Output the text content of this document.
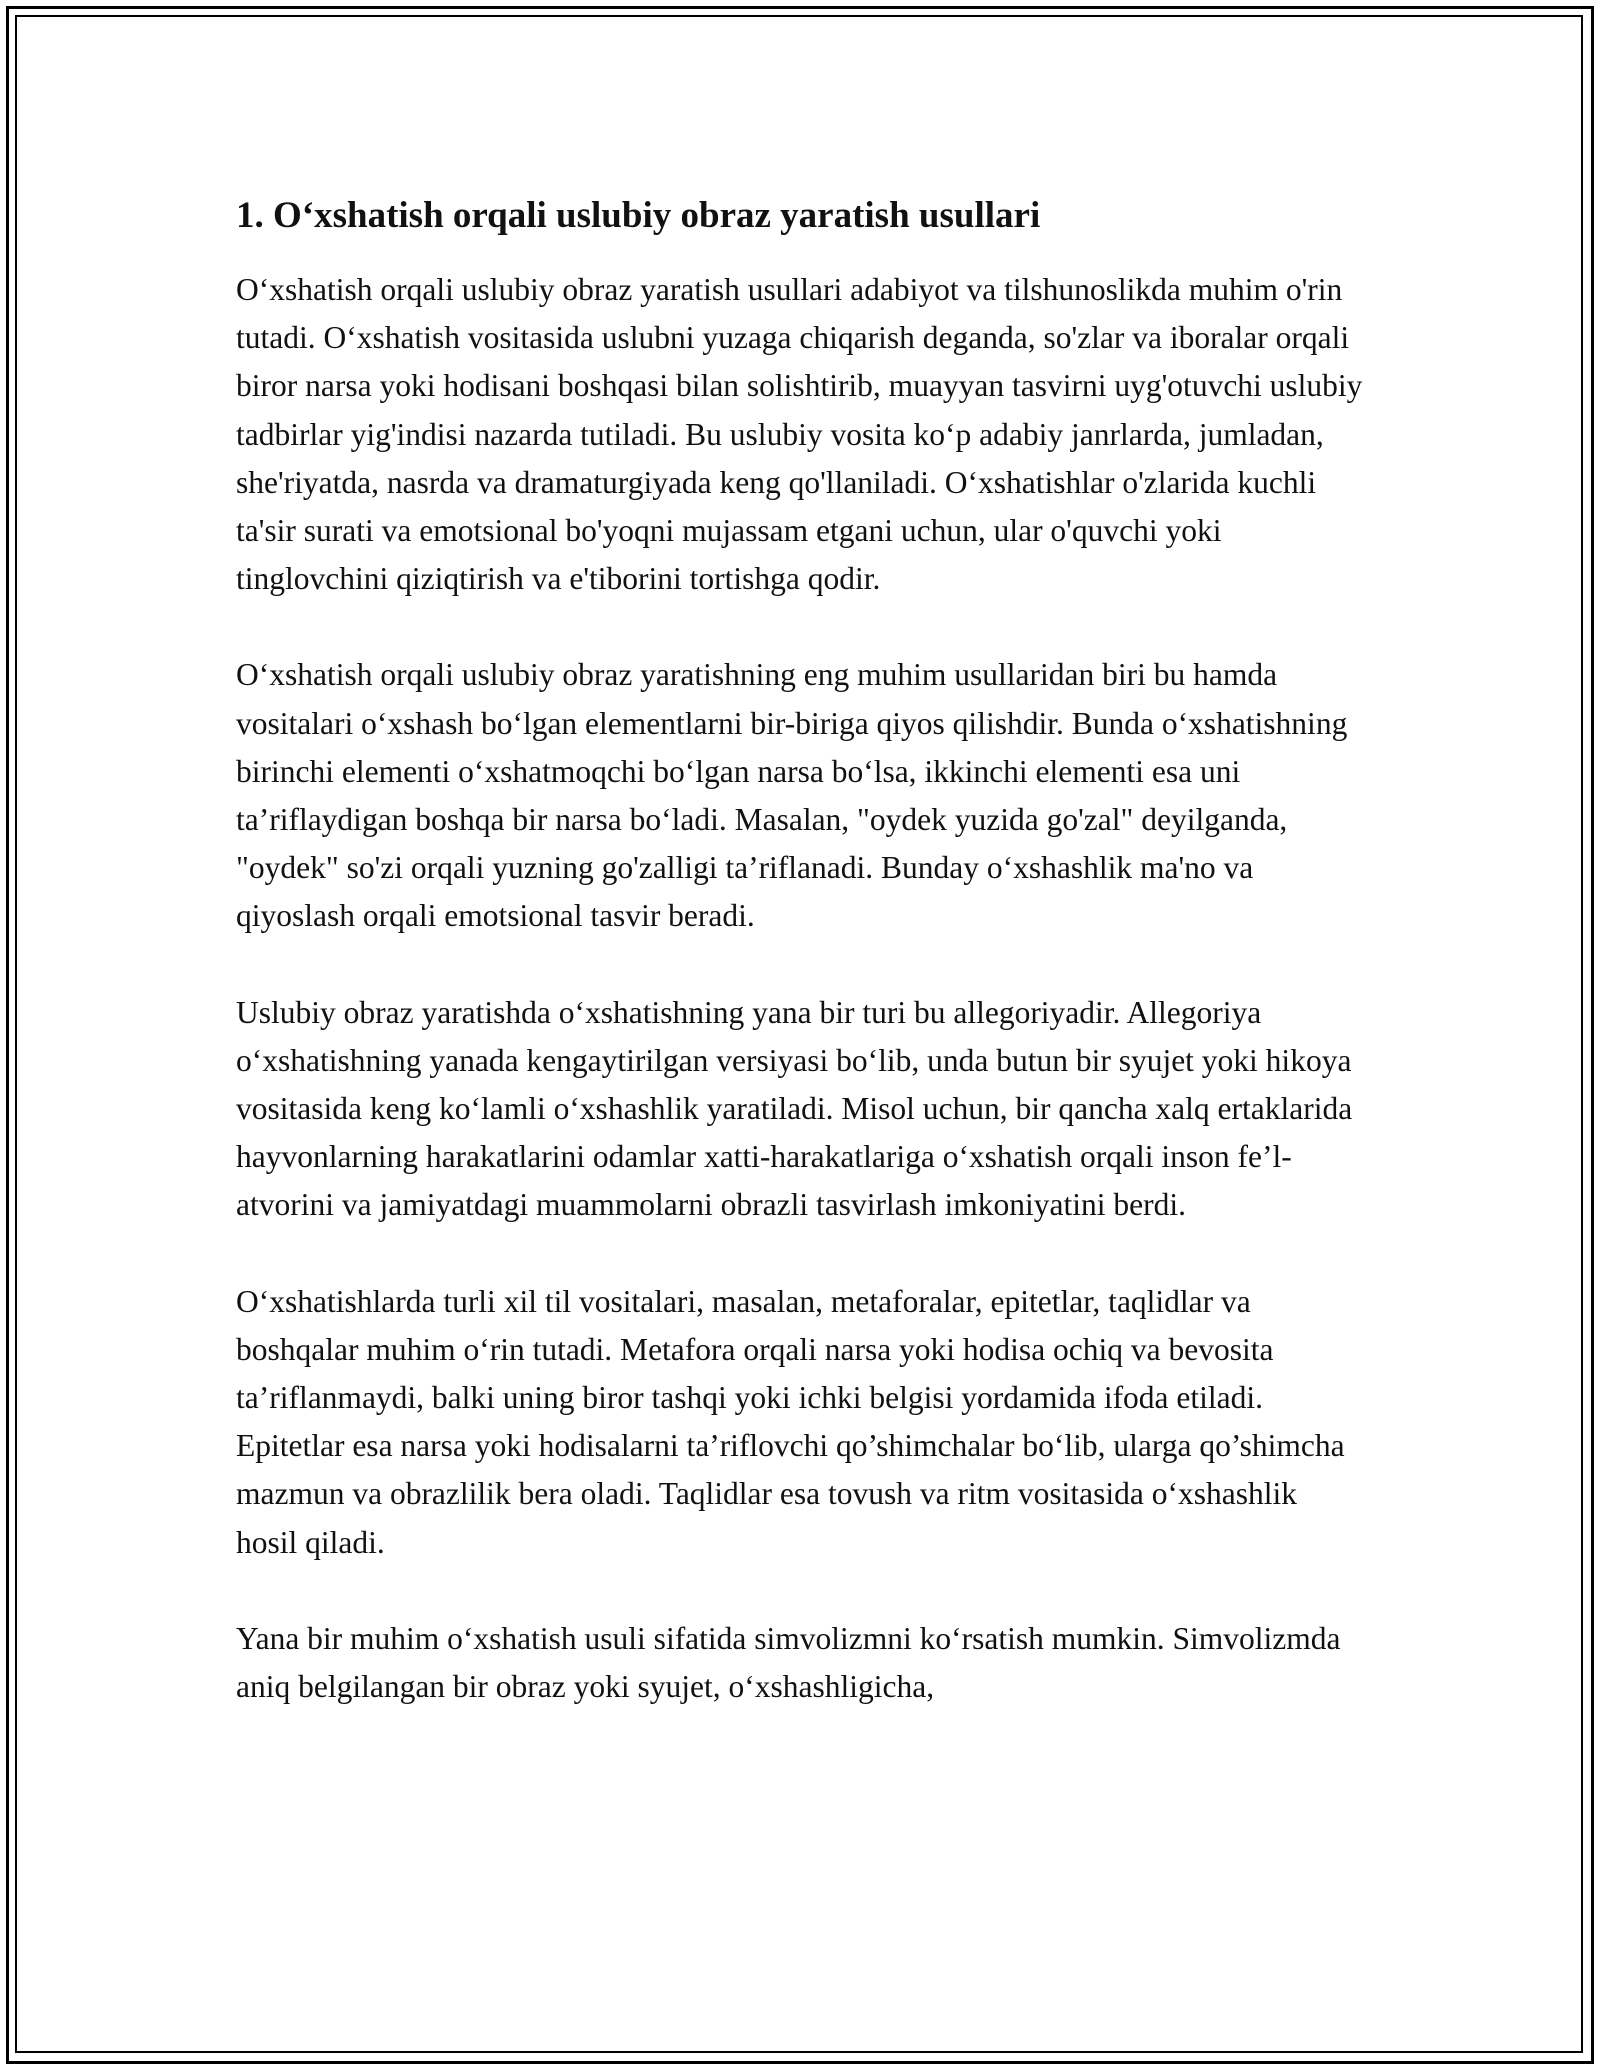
1. O‘xshatish orqali uslubiy obraz yaratish usullari

O‘xshatish orqali uslubiy obraz yaratish usullari adabiyot va tilshunoslikda muhim o'rin tutadi. O‘xshatish vositasida uslubni yuzaga chiqarish deganda, so'zlar va iboralar orqali biror narsa yoki hodisani boshqasi bilan solishtirib, muayyan tasvirni uyg'otuvchi uslubiy tadbirlar yig'indisi nazarda tutiladi. Bu uslubiy vosita ko‘p adabiy janrlarda, jumladan, she'riyatda, nasrda va dramaturgiyada keng qo'llaniladi. O‘xshatishlar o'zlarida kuchli ta'sir surati va emotsional bo'yoqni mujassam etgani uchun, ular o'quvchi yoki tinglovchini qiziqtirish va e'tiborini tortishga qodir.

O‘xshatish orqali uslubiy obraz yaratishning eng muhim usullaridan biri bu hamda vositalari o‘xshash bo‘lgan elementlarni bir-biriga qiyos qilishdir. Bunda o‘xshatishning birinchi elementi o‘xshatmoqchi bo‘lgan narsa bo‘lsa, ikkinchi elementi esa uni ta’riflaydigan boshqa bir narsa bo‘ladi. Masalan, "oydek yuzida go'zal" deyilganda, "oydek" so'zi orqali yuzning go'zalligi ta’riflanadi. Bunday o‘xshashlik ma'no va qiyoslash orqali emotsional tasvir beradi.

Uslubiy obraz yaratishda o‘xshatishning yana bir turi bu allegoriyadir. Allegoriya o‘xshatishning yanada kengaytirilgan versiyasi bo‘lib, unda butun bir syujet yoki hikoya vositasida keng ko‘lamli o‘xshashlik yaratiladi. Misol uchun, bir qancha xalq ertaklarida hayvonlarning harakatlarini odamlar xatti-harakatlariga o‘xshatish orqali inson fe’l-atvorini va jamiyatdagi muammolarni obrazli tasvirlash imkoniyatini berdi.

O‘xshatishlarda turli xil til vositalari, masalan, metaforalar, epitetlar, taqlidlar va boshqalar muhim o‘rin tutadi. Metafora orqali narsa yoki hodisa ochiq va bevosita ta’riflanmaydi, balki uning biror tashqi yoki ichki belgisi yordamida ifoda etiladi. Epitetlar esa narsa yoki hodisalarni ta’riflovchi qo’shimchalar bo‘lib, ularga qo’shimcha mazmun va obrazlilik bera oladi. Taqlidlar esa tovush va ritm vositasida o‘xshashlik hosil qiladi.

Yana bir muhim o‘xshatish usuli sifatida simvolizmni ko‘rsatish mumkin. Simvolizmda aniq belgilangan bir obraz yoki syujet, o‘xshashligicha,
